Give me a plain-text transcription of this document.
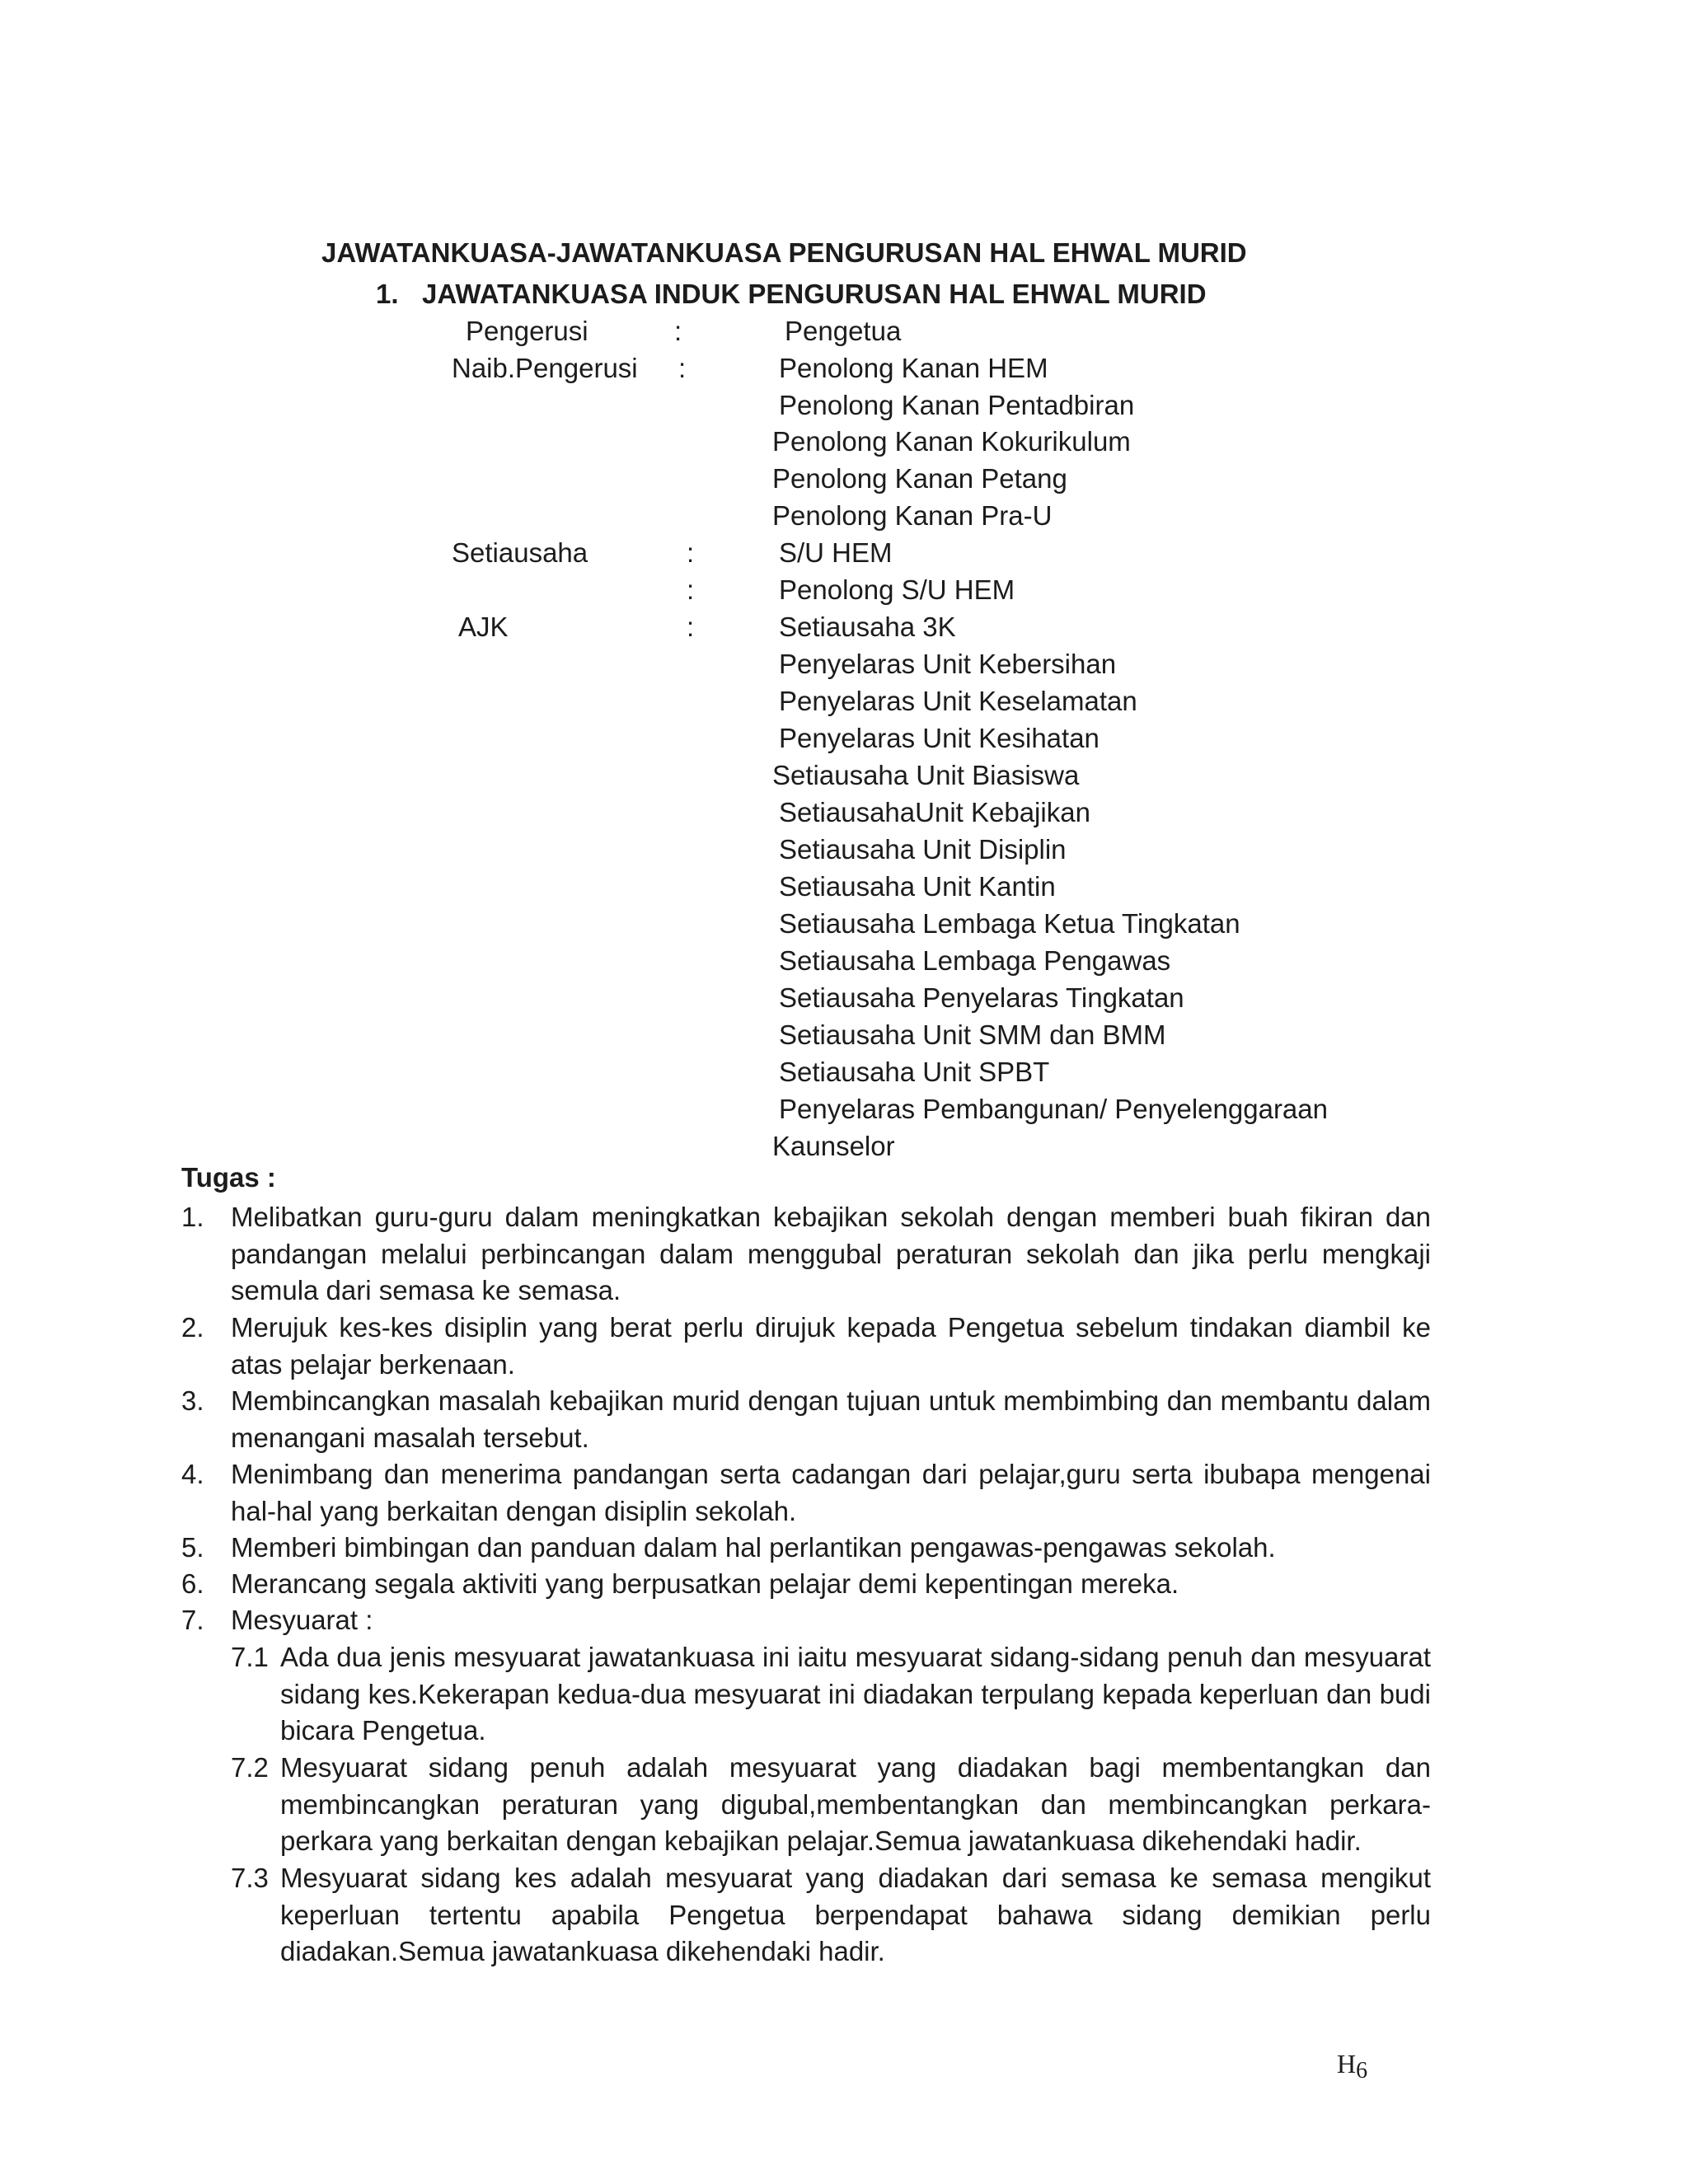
JAWATANKUASA-JAWATANKUASA PENGURUSAN HAL EHWAL MURID
1. JAWATANKUASA INDUK PENGURUSAN HAL EHWAL MURID
Pengerusi	:	Pengetua
Naib.Pengerusi :	Penolong Kanan HEM
Penolong Kanan Pentadbiran
Penolong Kanan Kokurikulum
Penolong Kanan Petang
Penolong Kanan Pra-U
Setiausaha	:	S/U HEM
:	Penolong S/U HEM
AJK	:	Setiausaha 3K
Penyelaras Unit Kebersihan
Penyelaras Unit Keselamatan
Penyelaras Unit Kesihatan
Setiausaha Unit Biasiswa
SetiausahaUnit Kebajikan
Setiausaha Unit Disiplin
Setiausaha Unit Kantin
Setiausaha Lembaga Ketua Tingkatan
Setiausaha Lembaga Pengawas
Setiausaha Penyelaras Tingkatan
Setiausaha Unit SMM dan BMM
Setiausaha Unit SPBT
Penyelaras Pembangunan/ Penyelenggaraan
Kaunselor
Tugas :
1. Melibatkan guru-guru dalam meningkatkan kebajikan sekolah dengan memberi buah fikiran dan pandangan melalui perbincangan dalam menggubal peraturan sekolah dan jika perlu mengkaji semula dari semasa ke semasa.
2. Merujuk kes-kes disiplin yang berat perlu dirujuk kepada Pengetua sebelum tindakan diambil ke atas pelajar berkenaan.
3. Membincangkan masalah kebajikan murid dengan tujuan untuk membimbing dan membantu dalam menangani masalah tersebut.
4. Menimbang dan menerima pandangan serta cadangan dari pelajar,guru serta ibubapa mengenai hal-hal yang berkaitan dengan disiplin sekolah.
5. Memberi bimbingan dan panduan dalam hal perlantikan pengawas-pengawas sekolah.
6. Merancang segala aktiviti yang berpusatkan pelajar demi kepentingan mereka.
7. Mesyuarat :
7.1 Ada dua jenis mesyuarat jawatankuasa ini iaitu mesyuarat sidang-sidang penuh dan mesyuarat sidang kes.Kekerapan kedua-dua mesyuarat ini diadakan terpulang kepada keperluan dan budi bicara Pengetua.
7.2 Mesyuarat sidang penuh adalah mesyuarat yang diadakan bagi membentangkan dan membincangkan peraturan yang digubal,membentangkan dan membincangkan perkara-perkara yang berkaitan dengan kebajikan pelajar.Semua jawatankuasa dikehendaki hadir.
7.3 Mesyuarat sidang kes adalah mesyuarat yang diadakan dari semasa ke semasa mengikut keperluan tertentu apabila Pengetua berpendapat bahawa sidang demikian perlu diadakan.Semua jawatankuasa dikehendaki hadir.
$H_6$
